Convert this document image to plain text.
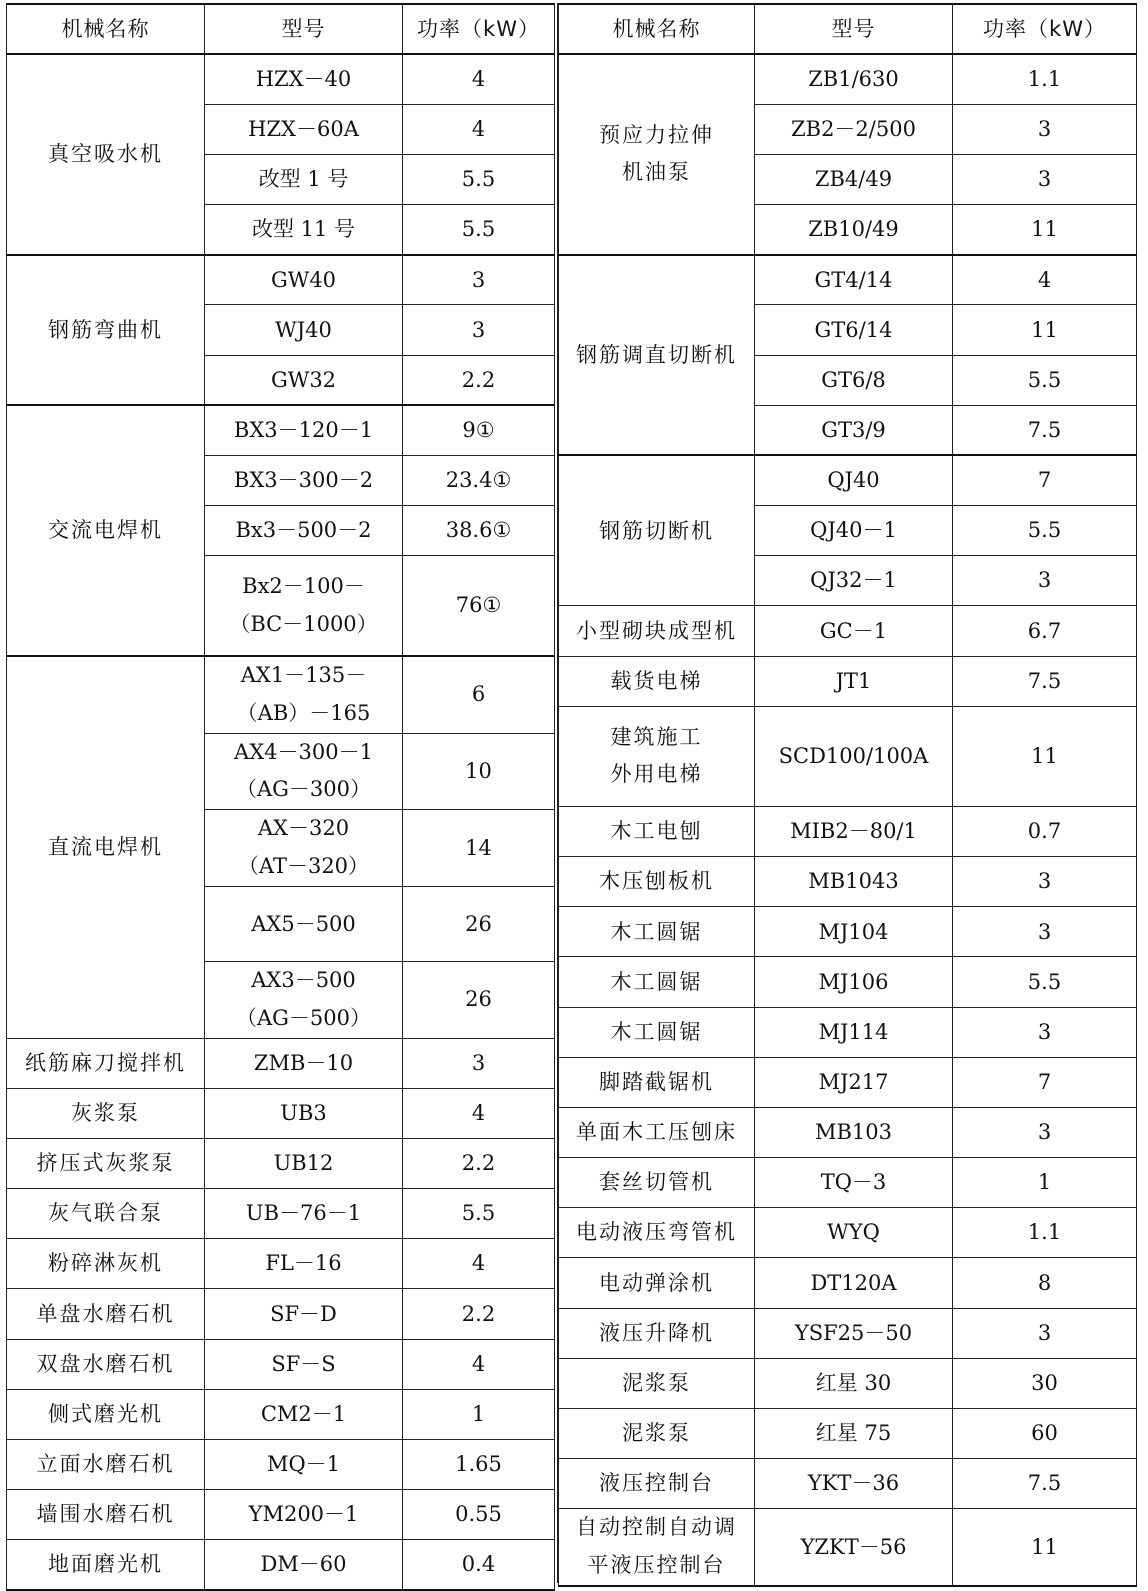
机械名称	型号	功率（kW）
真空吸水机	HZX－40	4
	HZX－60A	4
	改型 1 号	5.5
	改型 11 号	5.5
钢筋弯曲机	GW40	3
	WJ40	3
	GW32	2.2
交流电焊机	BX3－120－1	9①
	BX3－300－2	23.4①
	Bx3－500－2	38.6①
	Bx2－100－
（BC－1000）	76①
直流电焊机	AX1－135－
（AB）－165	6
	AX4－300－1
（AG－300）	10
	AX－320
（AT－320）	14
	AX5－500	26
	AX3－500
（AG－500）	26
纸筋麻刀搅拌机	ZMB－10	3
灰浆泵	UB3	4
挤压式灰浆泵	UB12	2.2
灰气联合泵	UB－76－1	5.5
粉碎淋灰机	FL－16	4
单盘水磨石机	SF－D	2.2
双盘水磨石机	SF－S	4
侧式磨光机	CM2－1	1
立面水磨石机	MQ－1	1.65
墙围水磨石机	YM200－1	0.55
地面磨光机	DM－60	0.4
机械名称	型号	功率（kW）
预应力拉伸
机油泵	ZB1/630	1.1
	ZB2－2/500	3
	ZB4/49	3
	ZB10/49	11
钢筋调直切断机	GT4/14	4
	GT6/14	11
	GT6/8	5.5
	GT3/9	7.5
钢筋切断机	QJ40	7
	QJ40－1	5.5
	QJ32－1	3
小型砌块成型机	GC－1	6.7
载货电梯	JT1	7.5
建筑施工
外用电梯	SCD100/100A	11
木工电刨	MIB2－80/1	0.7
木压刨板机	MB1043	3
木工圆锯	MJ104	3
木工圆锯	MJ106	5.5
木工圆锯	MJ114	3
脚踏截锯机	MJ217	7
单面木工压刨床	MB103	3
套丝切管机	TQ－3	1
电动液压弯管机	WYQ	1.1
电动弹涂机	DT120A	8
液压升降机	YSF25－50	3
泥浆泵	红星 30	30
泥浆泵	红星 75	60
液压控制台	YKT－36	7.5
自动控制自动调
平液压控制台	YZKT－56	11
